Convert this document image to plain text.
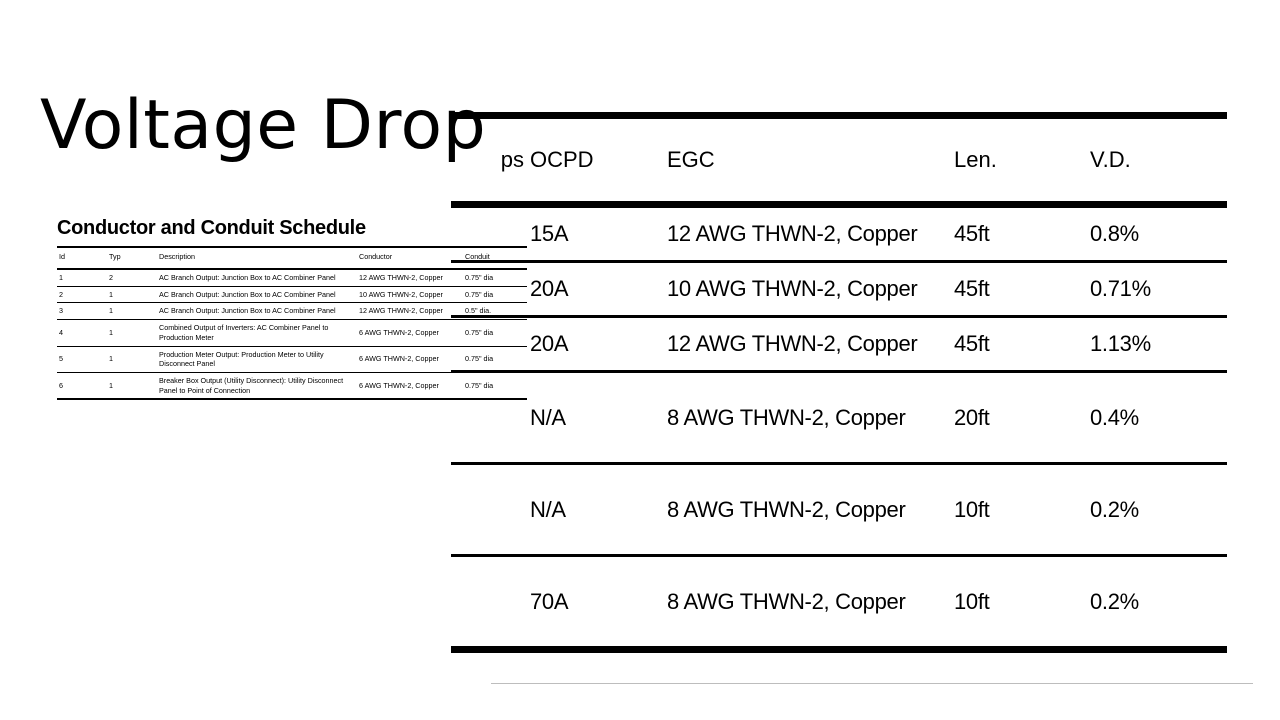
Voltage Drop
Conductor and Conduit Schedule
Id	Typ	Description	Conductor	Conduit
1	2	AC Branch Output: Junction Box to AC Combiner Panel	12 AWG THWN-2, Copper	0.75" dia
2	1	AC Branch Output: Junction Box to AC Combiner Panel	10 AWG THWN-2, Copper	0.75" dia
3	1	AC Branch Output: Junction Box to AC Combiner Panel	12 AWG THWN-2, Copper	0.5" dia.
4	1	Combined Output of Inverters: AC Combiner Panel to Production Meter	6 AWG THWN-2, Copper	0.75" dia
5	1	Production Meter Output: Production Meter to Utility Disconnect Panel	6 AWG THWN-2, Copper	0.75" dia
6	1	Breaker Box Output (Utility Disconnect): Utility Disconnect Panel to Point of Connection	6 AWG THWN-2, Copper	0.75" dia
ps	OCPD	EGC	Len.	V.D.
	15A	12 AWG THWN-2, Copper	45ft	0.8%
	20A	10 AWG THWN-2, Copper	45ft	0.71%
	20A	12 AWG THWN-2, Copper	45ft	1.13%
	N/A	8 AWG THWN-2, Copper	20ft	0.4%
	N/A	8 AWG THWN-2, Copper	10ft	0.2%
	70A	8 AWG THWN-2, Copper	10ft	0.2%
